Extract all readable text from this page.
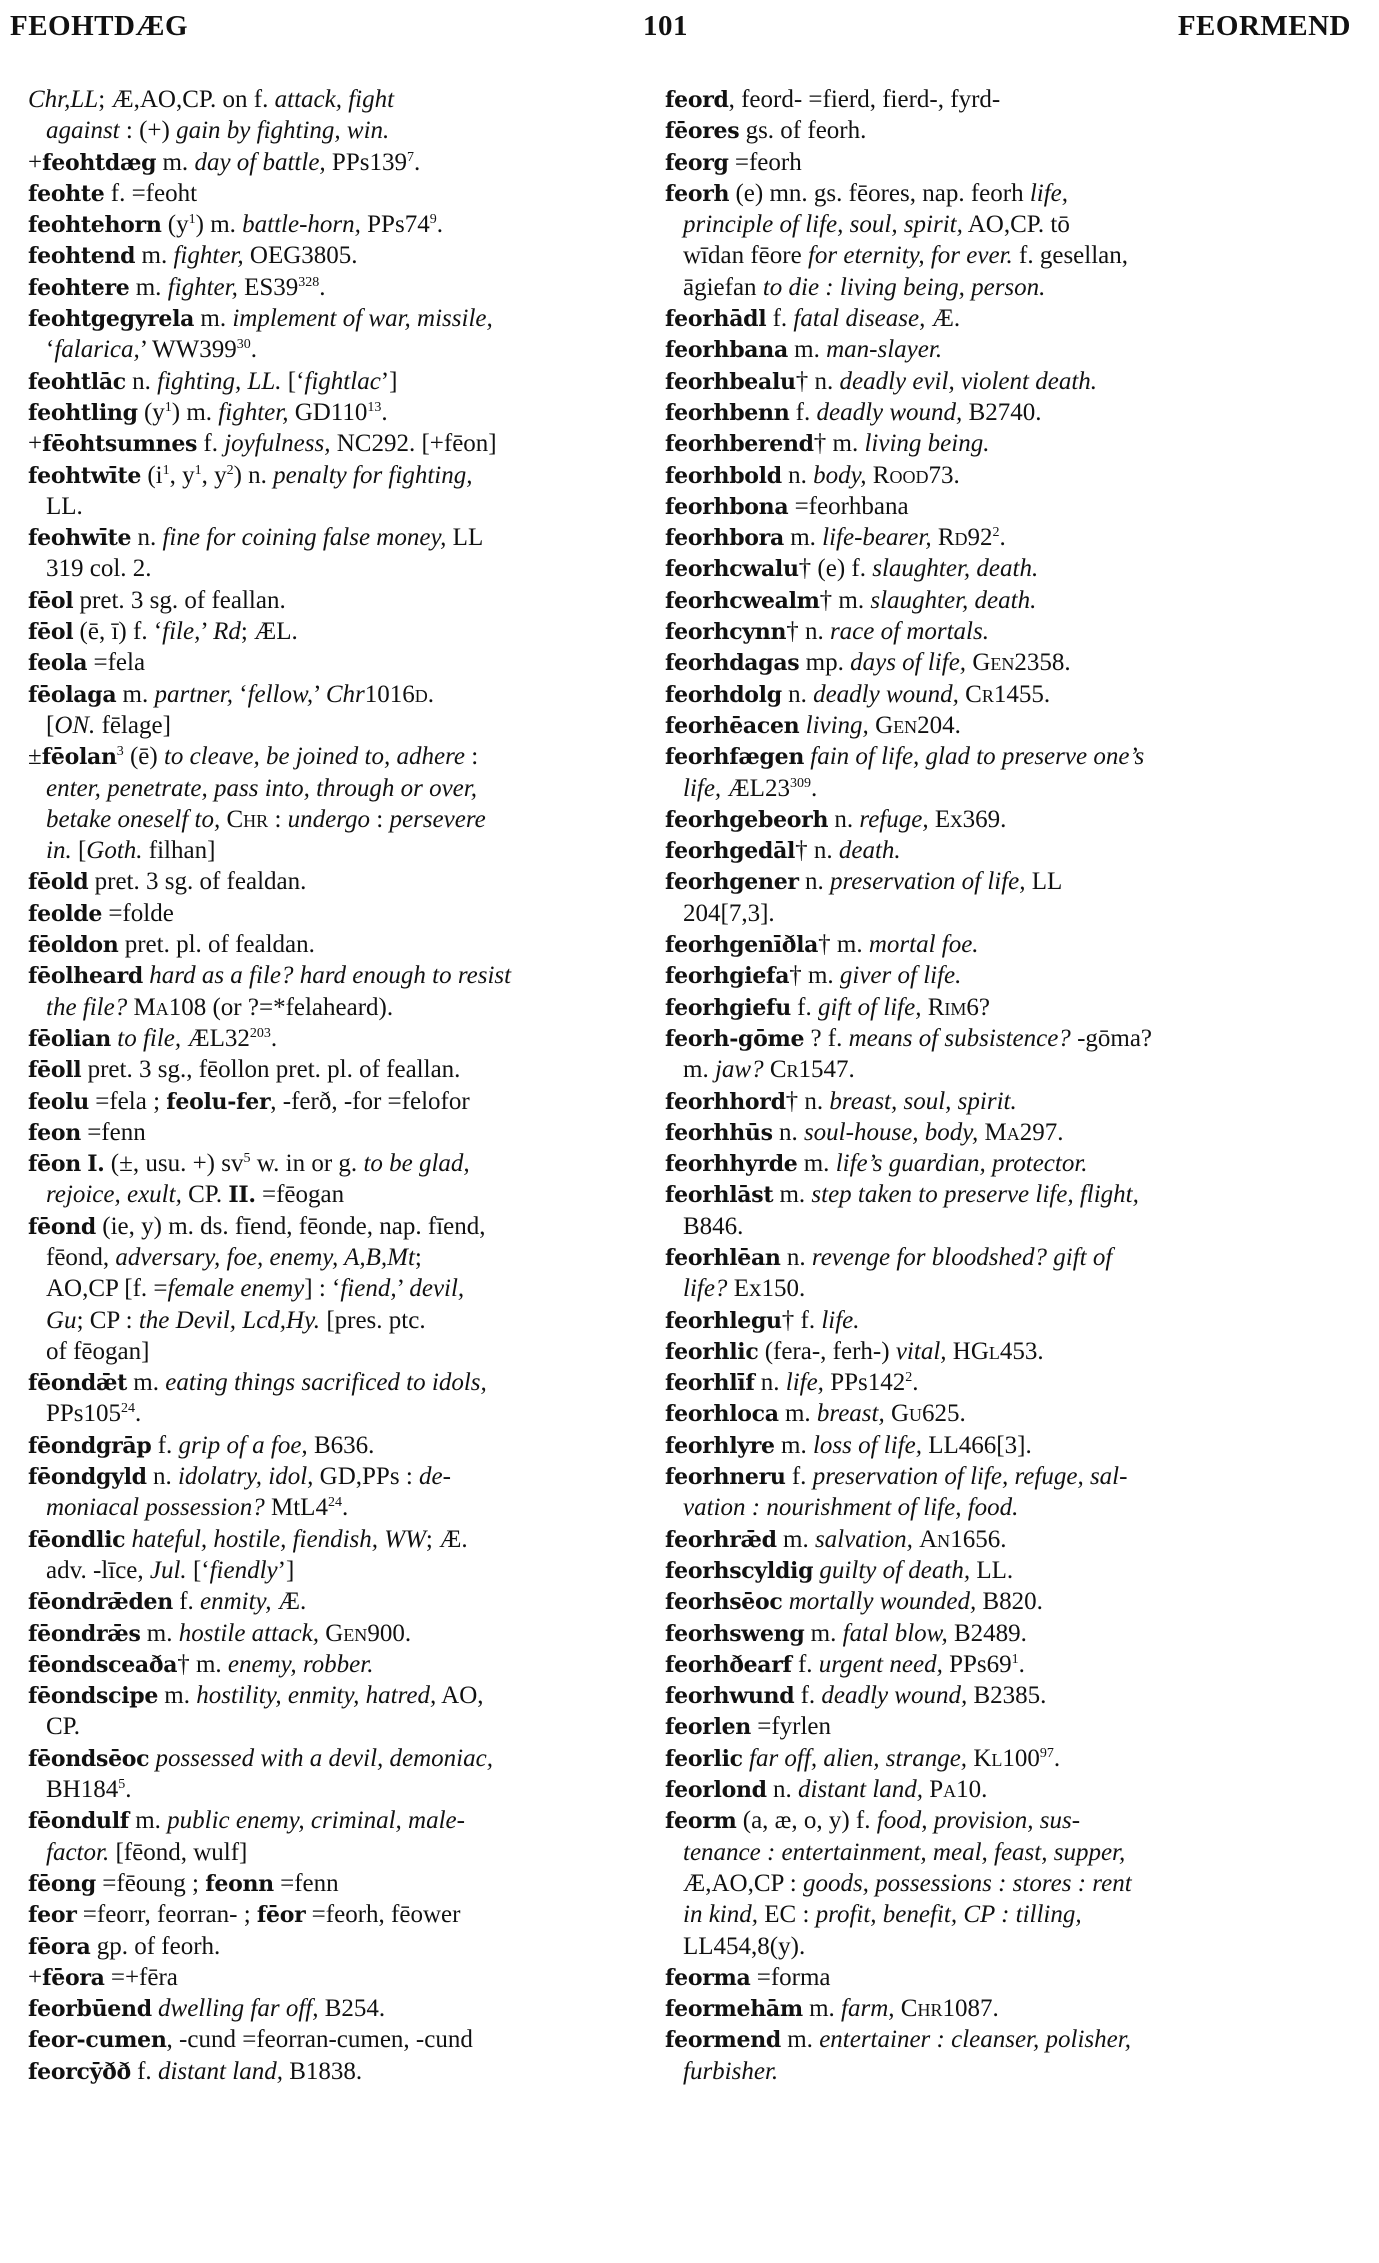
FEOHTDÆG	101	FEORMEND
Chr,LL; Æ,AO,CP. on f. attack, fight
against : (+) gain by fighting, win.
+feohtdæg m. day of battle, $PPs139^7$.
feohte f. =feoht
feohtehorn $(y^1)$ m. battle-horn, $PPs74^9$.
feohtend m. fighter, OEG3805.
feohtere m. fighter, $ES39^{328}$.
feohtgegyrela m. implement of war, missile,
‘falarica,’ $WW399^{30}$.
feohtlāc n. fighting, LL. [‘fightlac’]
feohtling $(y^1)$ m. fighter, $GD110^{13}$.
+fēohtsumnes f. joyfulness, NC292. [+fēon]
feohtwīte ($i^1$, $y^1$, $y^2$) n. penalty for fighting,
LL.
feohwīte n. fine for coining false money, LL
319 col. 2.
fēol pret. 3 sg. of feallan.
fēol (ē, ī) f. ‘file,’ Rd; ÆL.
feola =fela
fēolaga m. partner, ‘fellow,’ Chr1016d.
[ON. fēlage]
±fēolan$^3$ (ē) to cleave, be joined to, adhere :
enter, penetrate, pass into, through or over,
betake oneself to, Chr : undergo : persevere
in. [Goth. filhan]
fēold pret. 3 sg. of fealdan.
feolde =folde
fēoldon pret. pl. of fealdan.
fēolheard hard as a file? hard enough to resist
the file? Ma108 (or ?=*felaheard).
fēolian to file, $ÆL32^{203}$.
fēoll pret. 3 sg., fēollon pret. pl. of feallan.
feolu =fela ; feolu-fer, -ferð, -for =felofor
feon =fenn
fēon I. (±, usu. +) $sv^5$ w. in or g. to be glad,
rejoice, exult, CP. II. =fēogan
fēond (ie, y) m. ds. fīend, fēonde, nap. fīend,
fēond, adversary, foe, enemy, A,B,Mt;
AO,CP [f. =female enemy] : ‘fiend,’ devil,
Gu; CP : the Devil, Lcd,Hy. [pres. ptc.
of fēogan]
fēondǣt m. eating things sacrificed to idols,
$PPs105^{24}$.
fēondgrāp f. grip of a foe, B636.
fēondgyld n. idolatry, idol, GD,PPs : de-
moniacal possession? $MtL4^{24}$.
fēondlic hateful, hostile, fiendish, WW; Æ.
adv. -līce, Jul. [‘fiendly’]
fēondrǣden f. enmity, Æ.
fēondrǣs m. hostile attack, Gen900.
fēondsceaða† m. enemy, robber.
fēondscipe m. hostility, enmity, hatred, AO,
CP.
fēondsēoc possessed with a devil, demoniac,
$BH184^5$.
fēondulf m. public enemy, criminal, male-
factor. [fēond, wulf]
fēong =fēoung ; feonn =fenn
feor =feorr, feorran- ; fēor =feorh, fēower
fēora gp. of feorh.
+fēora =+fēra
feorbūend dwelling far off, B254.
feor-cumen, -cund =feorran-cumen, -cund
feorcȳðð f. distant land, B1838.
feord, feord- =fierd, fierd-, fyrd-
fēores gs. of feorh.
feorg =feorh
feorh (e) mn. gs. fēores, nap. feorh life,
principle of life, soul, spirit, AO,CP. tō
wīdan fēore for eternity, for ever. f. gesellan,
āgiefan to die : living being, person.
feorhādl f. fatal disease, Æ.
feorhbana m. man-slayer.
feorhbealu† n. deadly evil, violent death.
feorhbenn f. deadly wound, B2740.
feorhberend† m. living being.
feorhbold n. body, Rood73.
feorhbona =feorhbana
feorhbora m. life-bearer, $Rd92^2$.
feorhcwalu† (e) f. slaughter, death.
feorhcwealm† m. slaughter, death.
feorhcynn† n. race of mortals.
feorhdagas mp. days of life, Gen2358.
feorhdolg n. deadly wound, Cr1455.
feorhēacen living, Gen204.
feorhfægen fain of life, glad to preserve one’s
life, $ÆL23^{309}$.
feorhgebeorh n. refuge, Ex369.
feorhgedāl† n. death.
feorhgener n. preservation of life, LL
204[7,3].
feorhgenīðla† m. mortal foe.
feorhgiefa† m. giver of life.
feorhgiefu f. gift of life, Rim6?
feorh-gōme ? f. means of subsistence? -gōma?
m. jaw? Cr1547.
feorhhord† n. breast, soul, spirit.
feorhhūs n. soul-house, body, Ma297.
feorhhyrde m. life’s guardian, protector.
feorhlāst m. step taken to preserve life, flight,
B846.
feorhlēan n. revenge for bloodshed? gift of
life? Ex150.
feorhlegu† f. life.
feorhlic (fera-, ferh-) vital, HGl453.
feorhlīf n. life, $PPs142^2$.
feorhloca m. breast, Gu625.
feorhlyre m. loss of life, LL466[3].
feorhneru f. preservation of life, refuge, sal-
vation : nourishment of life, food.
feorhrǣd m. salvation, An1656.
feorhscyldig guilty of death, LL.
feorhsēoc mortally wounded, B820.
feorhsweng m. fatal blow, B2489.
feorhðearf f. urgent need, $PPs69^1$.
feorhwund f. deadly wound, B2385.
feorlen =fyrlen
feorlic far off, alien, strange, $Kl100^{97}$.
feorlond n. distant land, Pa10.
feorm (a, æ, o, y) f. food, provision, sus-
tenance : entertainment, meal, feast, supper,
Æ,AO,CP : goods, possessions : stores : rent
in kind, EC : profit, benefit, CP : tilling,
LL454,8(y).
feorma =forma
feormehām m. farm, Chr1087.
feormend m. entertainer : cleanser, polisher,
furbisher.
